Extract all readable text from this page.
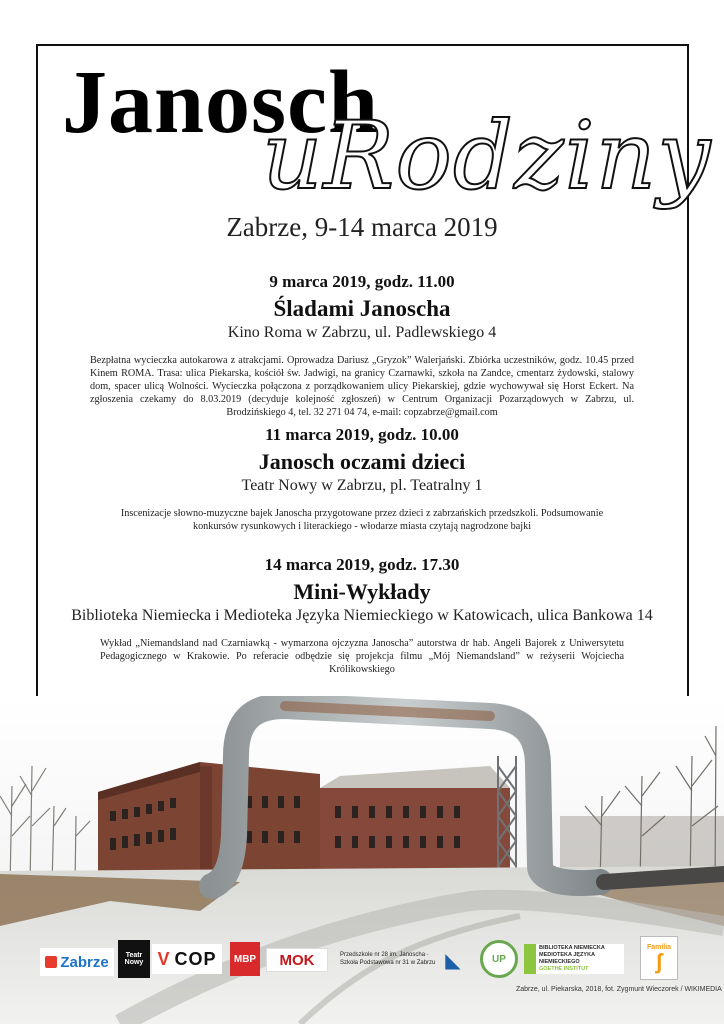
Janosch
uRodziny
Zabrze, 9-14 marca 2019
9 marca 2019, godz. 11.00
Śladami Janoscha
Kino Roma w Zabrzu, ul. Padlewskiego 4
Bezpłatna wycieczka autokarowa z atrakcjami. Oprowadza Dariusz „Gryzok” Walerjański. Zbiórka uczestników, godz. 10.45 przed Kinem ROMA. Trasa: ulica Piekarska, kościół św. Jadwigi, na granicy Czarnawki, szkoła na Zandce, cmentarz żydowski, stalowy dom, spacer ulicą Wolności. Wycieczka połączona z porządkowaniem ulicy Piekarskiej, gdzie wychowywał się Horst Eckert. Na zgłoszenia czekamy do 8.03.2019 (decyduje kolejność zgłoszeń) w Centrum Organizacji Pozarządowych w Zabrzu, ul. Brodzińskiego 4, tel. 32 271 04 74, e-mail: copzabrze@gmail.com
11 marca 2019, godz. 10.00
Janosch oczami dzieci
Teatr Nowy w Zabrzu, pl. Teatralny 1
Inscenizacje słowno-muzyczne bajek Janoscha przygotowane przez dzieci z zabrzańskich przedszkoli. Podsumowanie konkursów rysunkowych i literackiego - włodarze miasta czytają nagrodzone bajki
14 marca 2019, godz. 17.30
Mini-Wykłady
Biblioteka Niemiecka i Medioteka Języka Niemieckiego w Katowicach, ulica Bankowa 14
Wykład „Niemandsland nad Czarniawką - wymarzona ojczyzna Janoscha” autorstwa dr hab. Angeli Bajorek z Uniwersytetu Pedagogicznego w Krakowie. Po referacie odbędzie się projekcja filmu „Mój Niemandsland” w reżyserii Wojciecha Królikowskiego
Zabrze	Teatr Nowy V COP MBP MOK	Przedszkole nr 28 im. Janoscha · Szkoła Podstawowa nr 31 w Zabrzu ◣	UP
BIBLIOTEKA NIEMIECKA MEDIOTEKA JĘZYKA NIEMIECKIEGO
GOETHE INSTITUT
Familia
ʃ
Zabrze, ul. Piekarska, 2018, fot. Zygmunt Wieczorek / WIKIMEDIA
